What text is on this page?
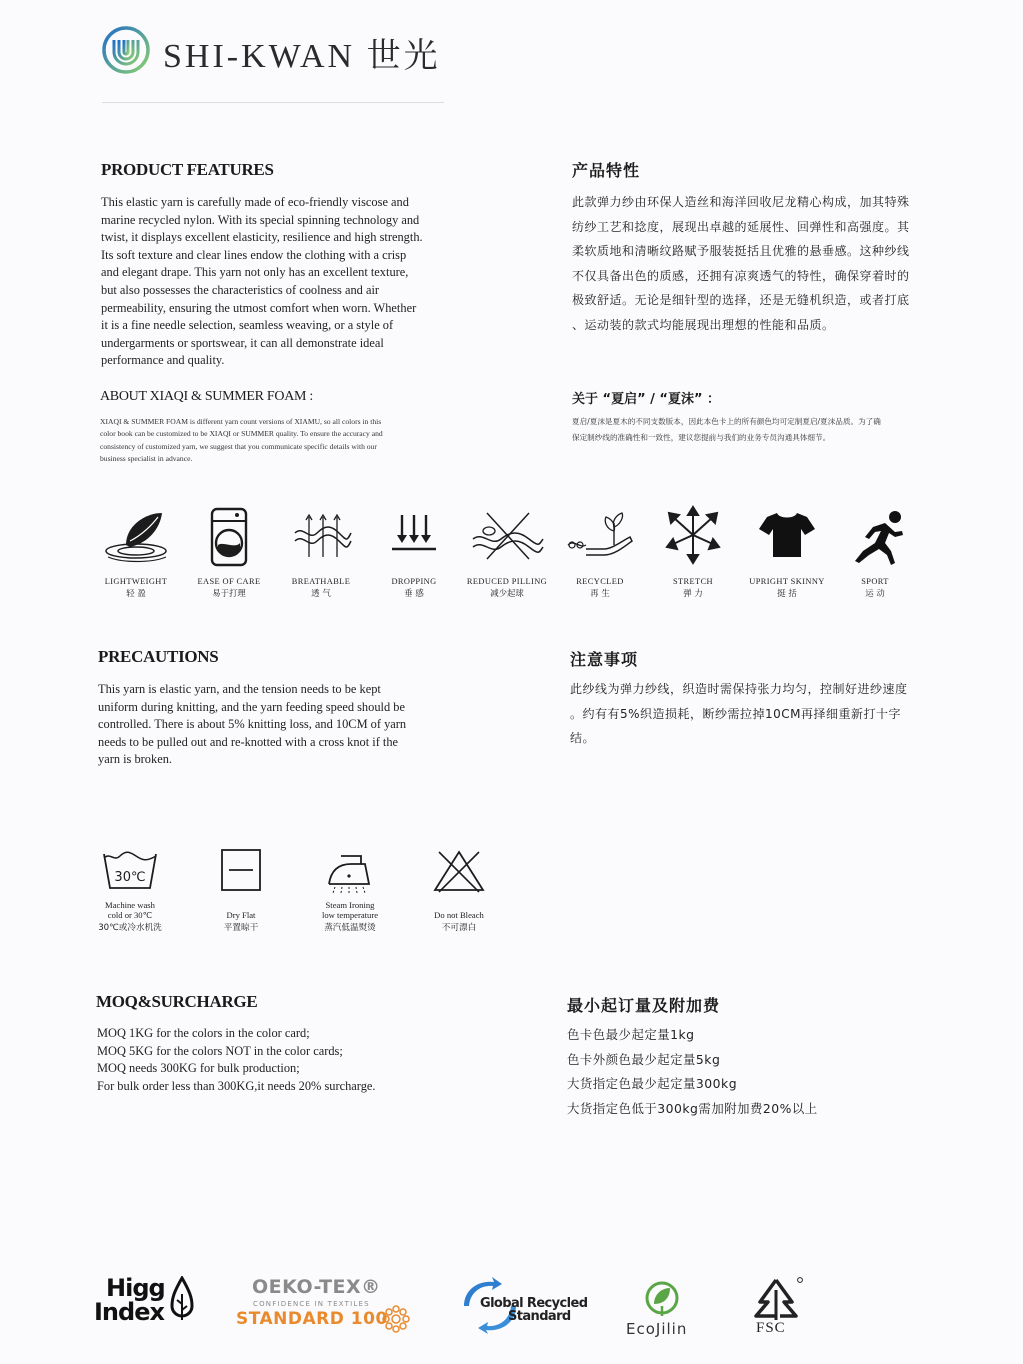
SHI-KWAN 世光
PRODUCT FEATURES

This elastic yarn is carefully made of eco-friendly viscose and

marine recycled nylon. With its special spinning technology and

twist, it displays excellent elasticity, resilience and high strength.

Its soft texture and clear lines endow the clothing with a crisp

and elegant drape. This yarn not only has an excellent texture,

but also possesses the characteristics of coolness and air

permeability, ensuring the utmost comfort when worn. Whether

it is a fine needle selection, seamless weaving, or a style of

undergarments or sportswear, it can all demonstrate ideal

performance and quality.

产品特性

此款弹力纱由环保人造丝和海洋回收尼龙精心构成，加其特殊

纺纱工艺和捻度，展现出卓越的延展性、回弹性和高强度。其

柔软质地和清晰纹路赋予服装挺括且优雅的悬垂感。这种纱线

不仅具备出色的质感，还拥有凉爽透气的特性，确保穿着时的

极致舒适。无论是细针型的选择，还是无缝机织造，或者打底

、运动装的款式均能展现出理想的性能和品质。

ABOUT XIAQI & SUMMER FOAM :

XIAQI & SUMMER FOAM is different yarn count versions of XIAMU, so all colors in this

color book can be customized to be XIAQI or SUMMER quality. To ensure the accuracy and

consistency of customized yarn, we suggest that you communicate specific details with our

business specialist in advance.

关于 “夏启” / “夏沫” ：

夏启/夏沫是夏木的不同支数版本，因此本色卡上的所有颜色均可定制夏启/夏沫品质。为了确

保定制纱线的准确性和一致性，建议您提前与我们的业务专员沟通具体细节。

LIGHTWEIGHT
轻 盈
EASE OF CARE
易于打理
BREATHABLE
透 气
DROPPING
垂 感
REDUCED PILLING
减少起球
RECYCLED
再 生
STRETCH
弹 力
UPRIGHT SKINNY
挺 括
SPORT
运 动
PRECAUTIONS

This yarn is elastic yarn, and the tension needs to be kept

uniform during knitting, and the yarn feeding speed should be

controlled. There is about 5% knitting loss, and 10CM of yarn

needs to be pulled out and re-knotted with a cross knot if the

yarn is broken.

注意事项

此纱线为弹力纱线，织造时需保持张力均匀，控制好进纱速度

。约有有5%织造损耗，断纱需拉掉10CM再择细重新打十字

结。

30℃
Machine wash
cold or 30℃
30℃或冷水机洗
Dry Flat
平置晾干
Steam Ironing
low temperature
蒸汽低温熨烫
Do not Bleach
不可漂白
MOQ&SURCHARGE
MOQ 1KG for the colors in the color card;
MOQ 5KG for the colors NOT in the color cards;
MOQ needs 300KG for bulk production;
For bulk order less than 300KG,it needs 20% surcharge.
最小起订量及附加费
色卡色最少起定量1kg
色卡外颜色最少起定量5kg
大货指定色最少起定量300kg
大货指定色低于300kg需加附加费20%以上
Higg
Index
OEKO-TEX®
CONFIDENCE IN TEXTILES
STANDARD 100
Global Recycled
Standard
EcoJilin	FSC
